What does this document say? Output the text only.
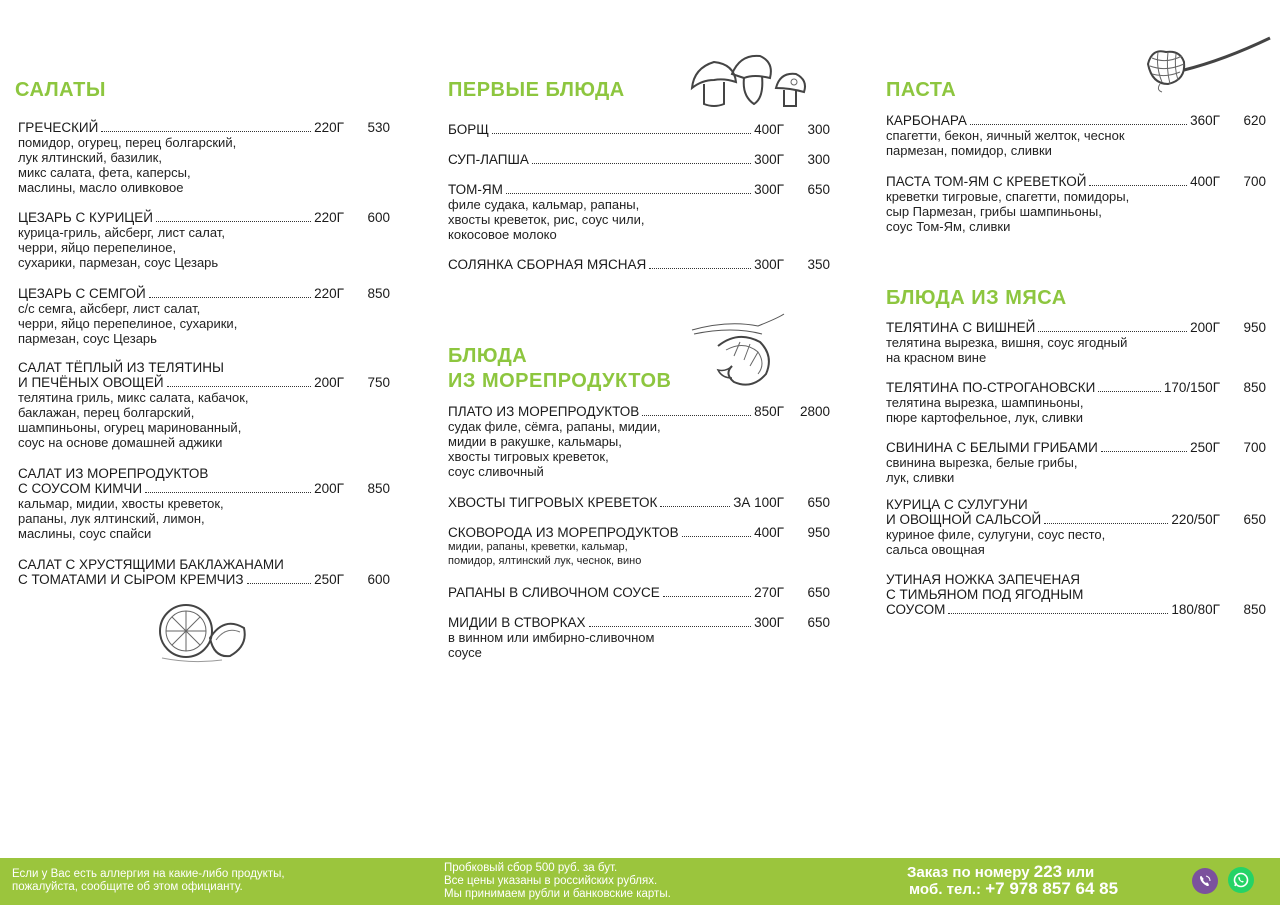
САЛАТЫ
ГРЕЧЕСКИЙ	220Г	530
помидор, огурец, перец болгарский,
лук ялтинский, базилик,
микс салата, фета, каперсы,
маслины, масло оливковое
ЦЕЗАРЬ С КУРИЦЕЙ	220Г	600
курица-гриль, айсберг, лист салат,
черри, яйцо перепелиное,
сухарики, пармезан, соус Цезарь
ЦЕЗАРЬ С СЕМГОЙ	220Г	850
с/с семга, айсберг, лист салат,
черри, яйцо перепелиное, сухарики,
пармезан, соус Цезарь
САЛАТ ТЁПЛЫЙ ИЗ ТЕЛЯТИНЫ
И ПЕЧЁНЫХ ОВОЩЕЙ	200Г	750
телятина гриль, микс салата, кабачок,
баклажан, перец болгарский,
шампиньоны, огурец маринованный,
соус на основе домашней аджики
САЛАТ ИЗ МОРЕПРОДУКТОВ
С СОУСОМ КИМЧИ	200Г	850
кальмар, мидии, хвосты креветок,
рапаны, лук ялтинский, лимон,
маслины, соус спайси
САЛАТ С ХРУСТЯЩИМИ БАКЛАЖАНАМИ
С ТОМАТАМИ И СЫРОМ КРЕМЧИЗ	250Г	600
ПЕРВЫЕ БЛЮДА
БОРЩ	400Г	300
СУП-ЛАПША	300Г	300
ТОМ-ЯМ	300Г	650
филе судака, кальмар, рапаны,
хвосты креветок, рис, соус чили,
кокосовое молоко
СОЛЯНКА СБОРНАЯ МЯСНАЯ	300Г	350
БЛЮДА
ИЗ МОРЕПРОДУКТОВ
ПЛАТО ИЗ МОРЕПРОДУКТОВ	850Г	2800
судак филе, сёмга, рапаны, мидии,
мидии в ракушке, кальмары,
хвосты тигровых креветок,
соус сливочный
ХВОСТЫ ТИГРОВЫХ КРЕВЕТОК	ЗА 100Г	650
СКОВОРОДА ИЗ МОРЕПРОДУКТОВ	400Г	950
мидии, рапаны, креветки, кальмар,
помидор, ялтинский лук, чеснок, вино
РАПАНЫ В СЛИВОЧНОМ СОУСЕ	270Г	650
МИДИИ В СТВОРКАХ	300Г	650
в винном или имбирно-сливочном
соусе
ПАСТА
КАРБОНАРА	360Г	620
спагетти, бекон, яичный желток, чеснок
пармезан, помидор, сливки
ПАСТА ТОМ-ЯМ С КРЕВЕТКОЙ	400Г	700
креветки тигровые, спагетти, помидоры,
сыр Пармезан, грибы шампиньоны,
соус Том-Ям, сливки
БЛЮДА ИЗ МЯСА
ТЕЛЯТИНА С ВИШНЕЙ	200Г	950
телятина вырезка, вишня, соус ягодный
на красном вине
ТЕЛЯТИНА ПО-СТРОГАНОВСКИ	170/150Г	850
телятина вырезка, шампиньоны,
пюре картофельное, лук, сливки
СВИНИНА С БЕЛЫМИ ГРИБАМИ	250Г	700
свинина вырезка, белые грибы,
лук, сливки
КУРИЦА С СУЛУГУНИ
И ОВОЩНОЙ САЛЬСОЙ	220/50Г	650
куриное филе, сулугуни, соус песто,
сальса овощная
УТИНАЯ НОЖКА ЗАПЕЧЕНАЯ
С ТИМЬЯНОМ ПОД ЯГОДНЫМ
СОУСОМ	180/80Г	850
Если у Вас есть аллергия на какие-либо продукты,
пожалуйста, сообщите об этом официанту.
Пробковый сбор 500 руб. за бут.
Все цены указаны в российских рублях.
Мы принимаем рубли и банковские карты.
Заказ по номеру 223 или
моб. тел.: +7 978 857 64 85
